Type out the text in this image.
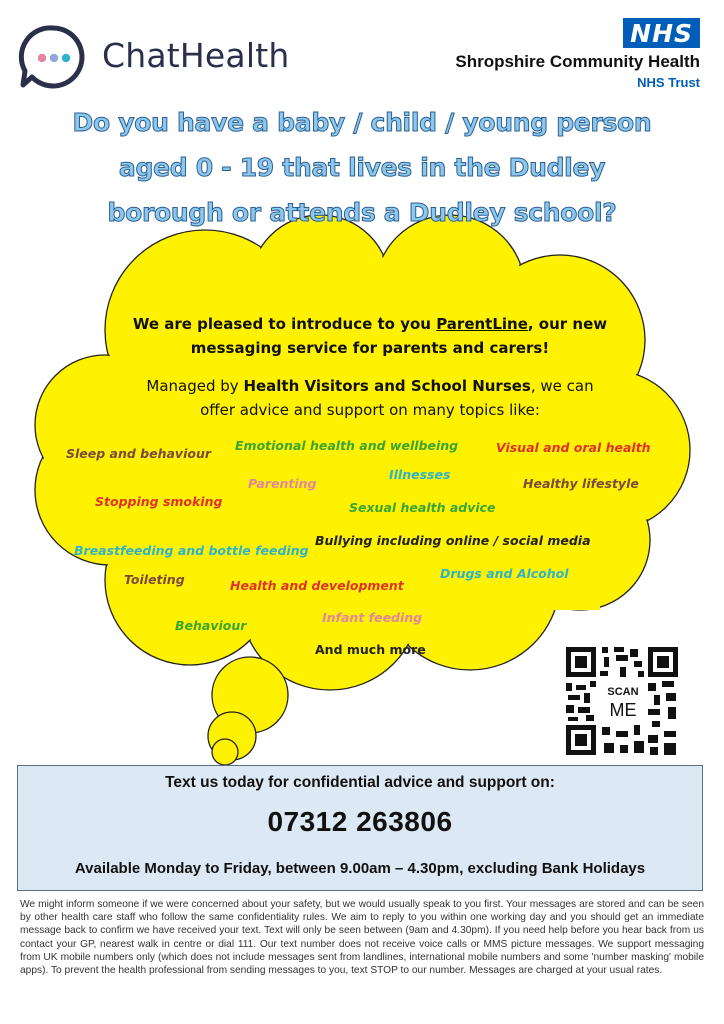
ChatHealth
NHS
Shropshire Community Health
NHS Trust
Do you have a baby / child / young person
aged 0 - 19 that lives in the Dudley
borough or attends a Dudley school?
We are pleased to introduce to you ParentLine, our new
messaging service for parents and carers!
Managed by Health Visitors and School Nurses, we can
offer advice and support on many topics like:
Sleep and behaviour
Emotional health and wellbeing	Visual and oral health
Illnesses
Parenting	Healthy lifestyle
Stopping smoking	Sexual health advice
Bullying including online / social media
Breastfeeding and bottle feeding
Drugs and Alcohol
Toileting	Health and development
Infant feeding
Behaviour
And much more
SCAN
ME
Text us today for confidential advice and support on:
07312 263806
Available Monday to Friday, between 9.00am – 4.30pm, excluding Bank Holidays
We might inform someone if we were concerned about your safety, but we would usually speak to you first. Your messages are stored and can be seen by other health care staff who follow the same confidentiality rules. We aim to reply to you within one working day and you should get an immediate message back to confirm we have received your text. Text will only be seen between (9am and 4.30pm). If you need help before you hear back from us contact your GP, nearest walk in centre or dial 111. Our text number does not receive voice calls or MMS picture messages. We support messaging from UK mobile numbers only (which does not include messages sent from landlines, international mobile numbers and some 'number masking' mobile apps). To prevent the health professional from sending messages to you, text STOP to our number. Messages are charged at your usual rates.
